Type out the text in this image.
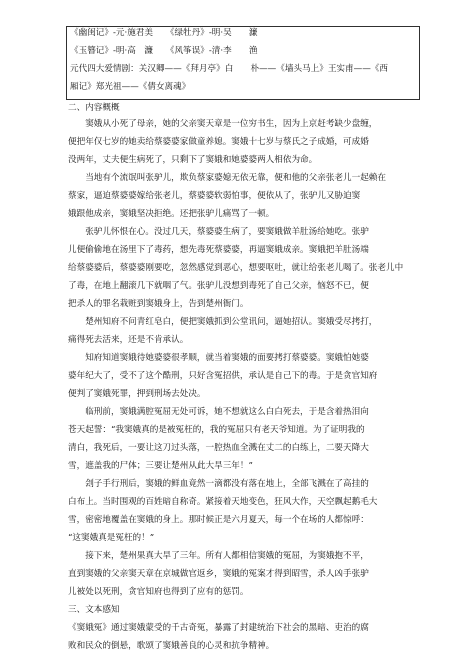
《幽闺记》-元·施君美　　《绿牡丹》-明·吴　　濂
《玉簪记》-明·高　濂　　《风筝误》-清·李　　渔
元代四大爱情剧：关汉卿——《拜月亭》白　　朴——《墙头马上》王实甫——《西
厢记》郑光祖——《倩女离魂》
二、内容概概
　　窦娥从小死了母亲，她的父亲窦天章是一位穷书生，因为上京赶考缺少盘缠，
便把年仅七岁的她卖给蔡婆婆家做童养媳。窦娥十七岁与蔡氏之子成婚，可成婚
没两年，丈夫便生病死了，只剩下了窦娥和她婆婆两人相依为命。
　　当地有个流氓叫张驴儿，欺负蔡家婆媳无依无靠，便和他的父亲张老儿一起赖在
蔡家，逼迫蔡婆婆嫁给张老儿，蔡婆婆软弱怕事，便依从了，张驴儿又胁迫窦
娥跟他成亲，窦娥坚决拒绝。还把张驴儿痛骂了一顿。
　　张驴儿怀恨在心。没过几天，蔡婆婆生病了，要窦娥做羊肚汤给她吃。张驴
儿便偷偷地在汤里下了毒药，想先毒死蔡婆婆，再逼窦娥成亲。窦娥把羊肚汤端
给蔡婆婆后，蔡婆婆刚要吃，忽然感觉到恶心，想要呕吐，就让给张老儿喝了。张老儿中
了毒，在地上翻滚几下就咽了气。张驴儿没想到毒死了自己父亲，恼怒不已，便
把杀人的罪名栽赃到窦娥身上，告到楚州衙门。
　　楚州知府不问青红皂白，便把窦娥抓到公堂讯问，逼她招认。窦娥受尽拷打，
痛得死去活来，还是不肯承认。
　　知府知道窦娥待她婆婆很孝顺，就当着窦娥的面要拷打蔡婆婆。窦娥怕她婆
婆年纪大了，受不了这个酷刑，只好含冤招供，承认是自己下的毒。于是贪官知府
便判了窦娥死罪，押到刑场去处决。
　　临刑前，窦娥满腔冤屈无处可诉，她不想就这么白白死去，于是含着热泪向
苍天起誓：“我窦娥真的是被冤枉的，我的冤屈只有老天爷知道。为了证明我的
清白，我死后，一要让这刀过头落，一腔热血全溅在丈二的白练上，二要天降大
雪，遮盖我的尸体；三要让楚州从此大旱三年！”
　　刽子手行刑后，窦娥的鲜血竟然一滴都没有落在地上，全部飞溅在了高挂的
白布上。当时围观的百姓暗自称奇。紧接着天地变色，狂风大作，天空飘起鹅毛大
雪，密密地覆盖在窦娥的身上。那时候正是六月夏天，每一个在场的人都惊呼：
“这窦娥真是冤枉的！”
　　接下来，楚州果真大旱了三年。所有人都相信窦娥的冤屈，为窦娥抱不平，
直到窦娥的父亲窦天章在京城做官返乡，窦娥的冤案才得到昭雪，杀人凶手张驴
儿被处以死刑，贪官知府也得到了应有的惩罚。
三、文本感知
《窦娥冤》通过窦娥蒙受的千古奇冤，暴露了封建统治下社会的黑暗、吏治的腐
败和民众的倒悬，歌颂了窦娥善良的心灵和抗争精神。
